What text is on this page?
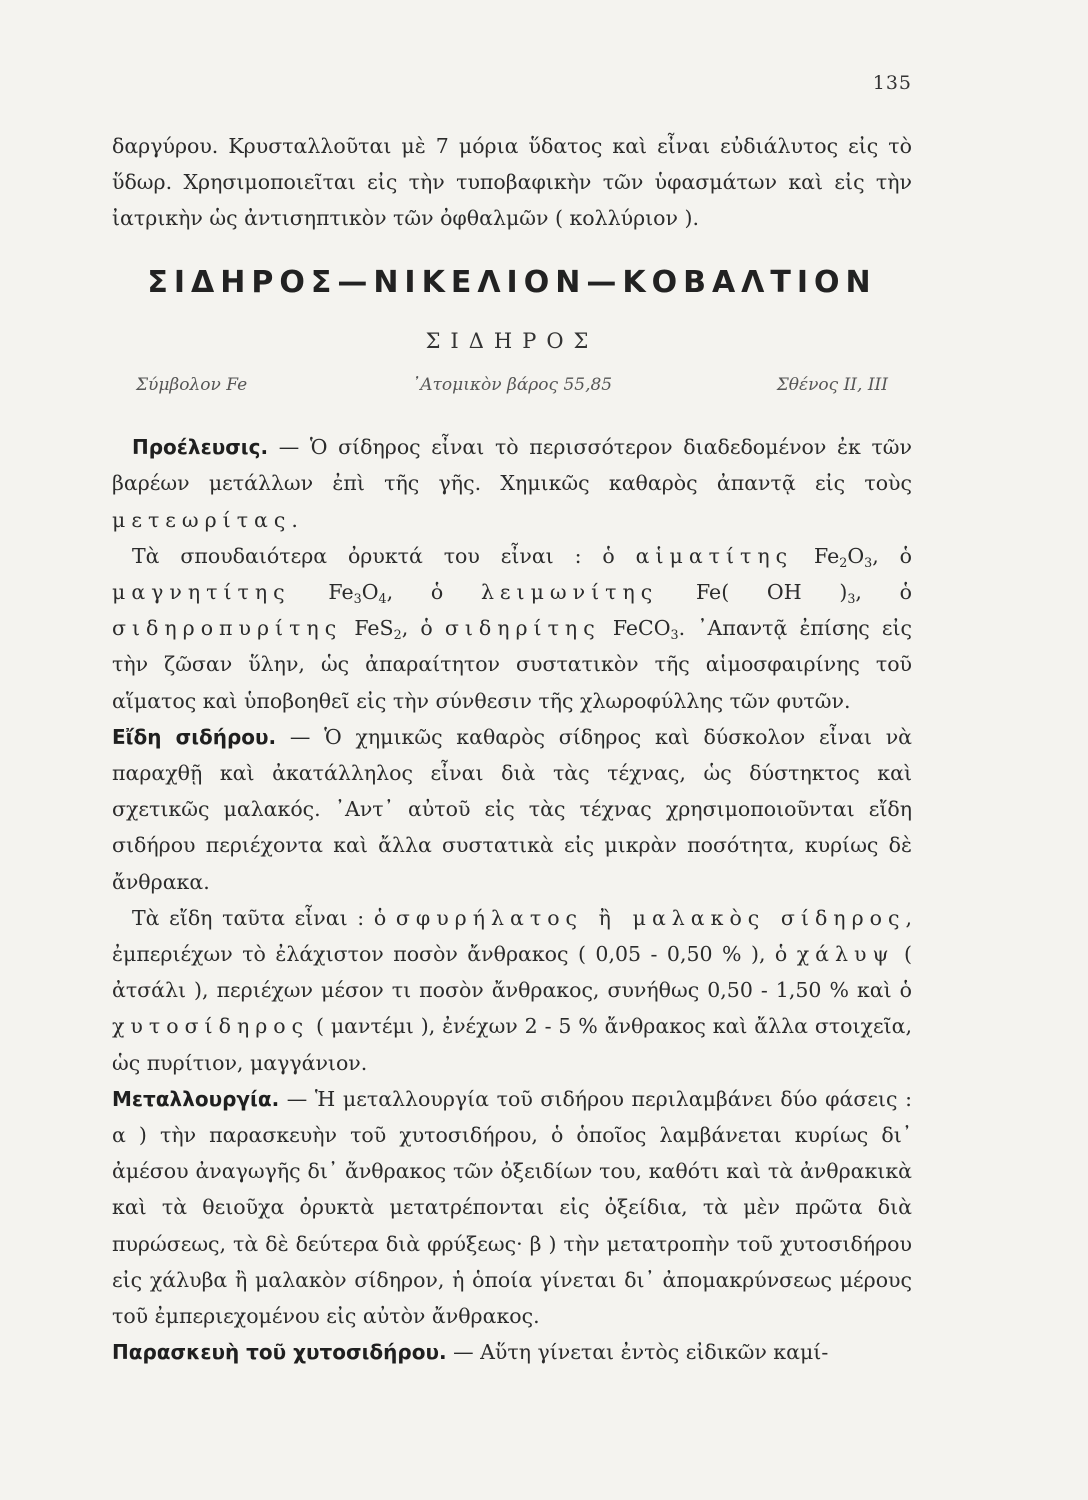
135

δαργύρου. Κρυσταλλοῦται μὲ 7 μόρια ὕδατος καὶ εἶναι εὐδιάλυτος εἰς τὸ ὕδωρ. Χρησιμοποιεῖται εἰς τὴν τυποβαφικὴν τῶν ὑφασμάτων καὶ εἰς τὴν ἰατρικὴν ὡς ἀντισηπτικὸν τῶν ὀφθαλμῶν ( κολλύριον ).

ΣΙΔΗΡΟΣ—ΝΙΚΕΛΙΟΝ—ΚΟΒΑΛΤΙΟΝ
ΣΙΔΗΡΟΣ
Σύμβολον Fe	᾿Ατομικὸν βάρος 55,85	Σθένος II, III

Προέλευσις. — Ὁ σίδηρος εἶναι τὸ περισσότερον διαδεδομένον ἐκ τῶν βαρέων μετάλλων ἐπὶ τῆς γῆς. Χημικῶς καθαρὸς ἀπαντᾷ εἰς τοὺς μετεωρίτας.

Τὰ σπουδαιότερα ὀρυκτά του εἶναι : ὁ αἱματίτης $Fe_2O_3$, ὁ μαγνητίτης $Fe_3O_4$, ὁ λειμωνίτης Fe( OH )$_3$, ὁ σιδηροπυρίτης FeS$_2$, ὁ σιδηρίτης FeCO$_3$. ᾿Απαντᾷ ἐπίσης εἰς τὴν ζῶσαν ὕλην, ὡς ἀπαραίτητον συστατικὸν τῆς αἱμοσφαιρίνης τοῦ αἵματος καὶ ὑποβοηθεῖ εἰς τὴν σύνθεσιν τῆς χλωροφύλλης τῶν φυτῶν.

Εἴδη σιδήρου. — Ὁ χημικῶς καθαρὸς σίδηρος καὶ δύσκολον εἶναι νὰ παραχθῇ καὶ ἀκατάλληλος εἶναι διὰ τὰς τέχνας, ὡς δύστηκτος καὶ σχετικῶς μαλακός. ᾿Αντ᾿ αὐτοῦ εἰς τὰς τέχνας χρησιμοποιοῦνται εἴδη σιδήρου περιέχοντα καὶ ἄλλα συστατικὰ εἰς μικρὰν ποσότητα, κυρίως δὲ ἄνθρακα.

Τὰ εἴδη ταῦτα εἶναι : ὁ σφυρήλατος ἢ μαλακὸς σίδηρος, ἐμπεριέχων τὸ ἐλάχιστον ποσὸν ἄνθρακος ( 0,05 - 0,50 % ), ὁ χάλυψ ( ἀτσάλι ), περιέχων μέσον τι ποσὸν ἄνθρακος, συνήθως 0,50 - 1,50 % καὶ ὁ χυτοσίδηρος ( μαντέμι ), ἐνέχων 2 - 5 % ἄνθρακος καὶ ἄλλα στοιχεῖα, ὡς πυρίτιον, μαγγάνιον.

Μεταλλουργία. — Ἡ μεταλλουργία τοῦ σιδήρου περιλαμβάνει δύο φάσεις : α ) τὴν παρασκευὴν τοῦ χυτοσιδήρου, ὁ ὁποῖος λαμβάνεται κυρίως δι᾿ ἀμέσου ἀναγωγῆς δι᾿ ἄνθρακος τῶν ὀξειδίων του, καθότι καὶ τὰ ἀνθρακικὰ καὶ τὰ θειοῦχα ὀρυκτὰ μετατρέπονται εἰς ὀξείδια, τὰ μὲν πρῶτα διὰ πυρώσεως, τὰ δὲ δεύτερα διὰ φρύξεως· β ) τὴν μετατροπὴν τοῦ χυτοσιδήρου εἰς χάλυβα ἢ μαλακὸν σίδηρον, ἡ ὁποία γίνεται δι᾿ ἀπομακρύνσεως μέρους τοῦ ἐμπεριεχομένου εἰς αὐτὸν ἄνθρακος.

Παρασκευὴ τοῦ χυτοσιδήρου. — Αὕτη γίνεται ἐντὸς εἰδικῶν καμί-
